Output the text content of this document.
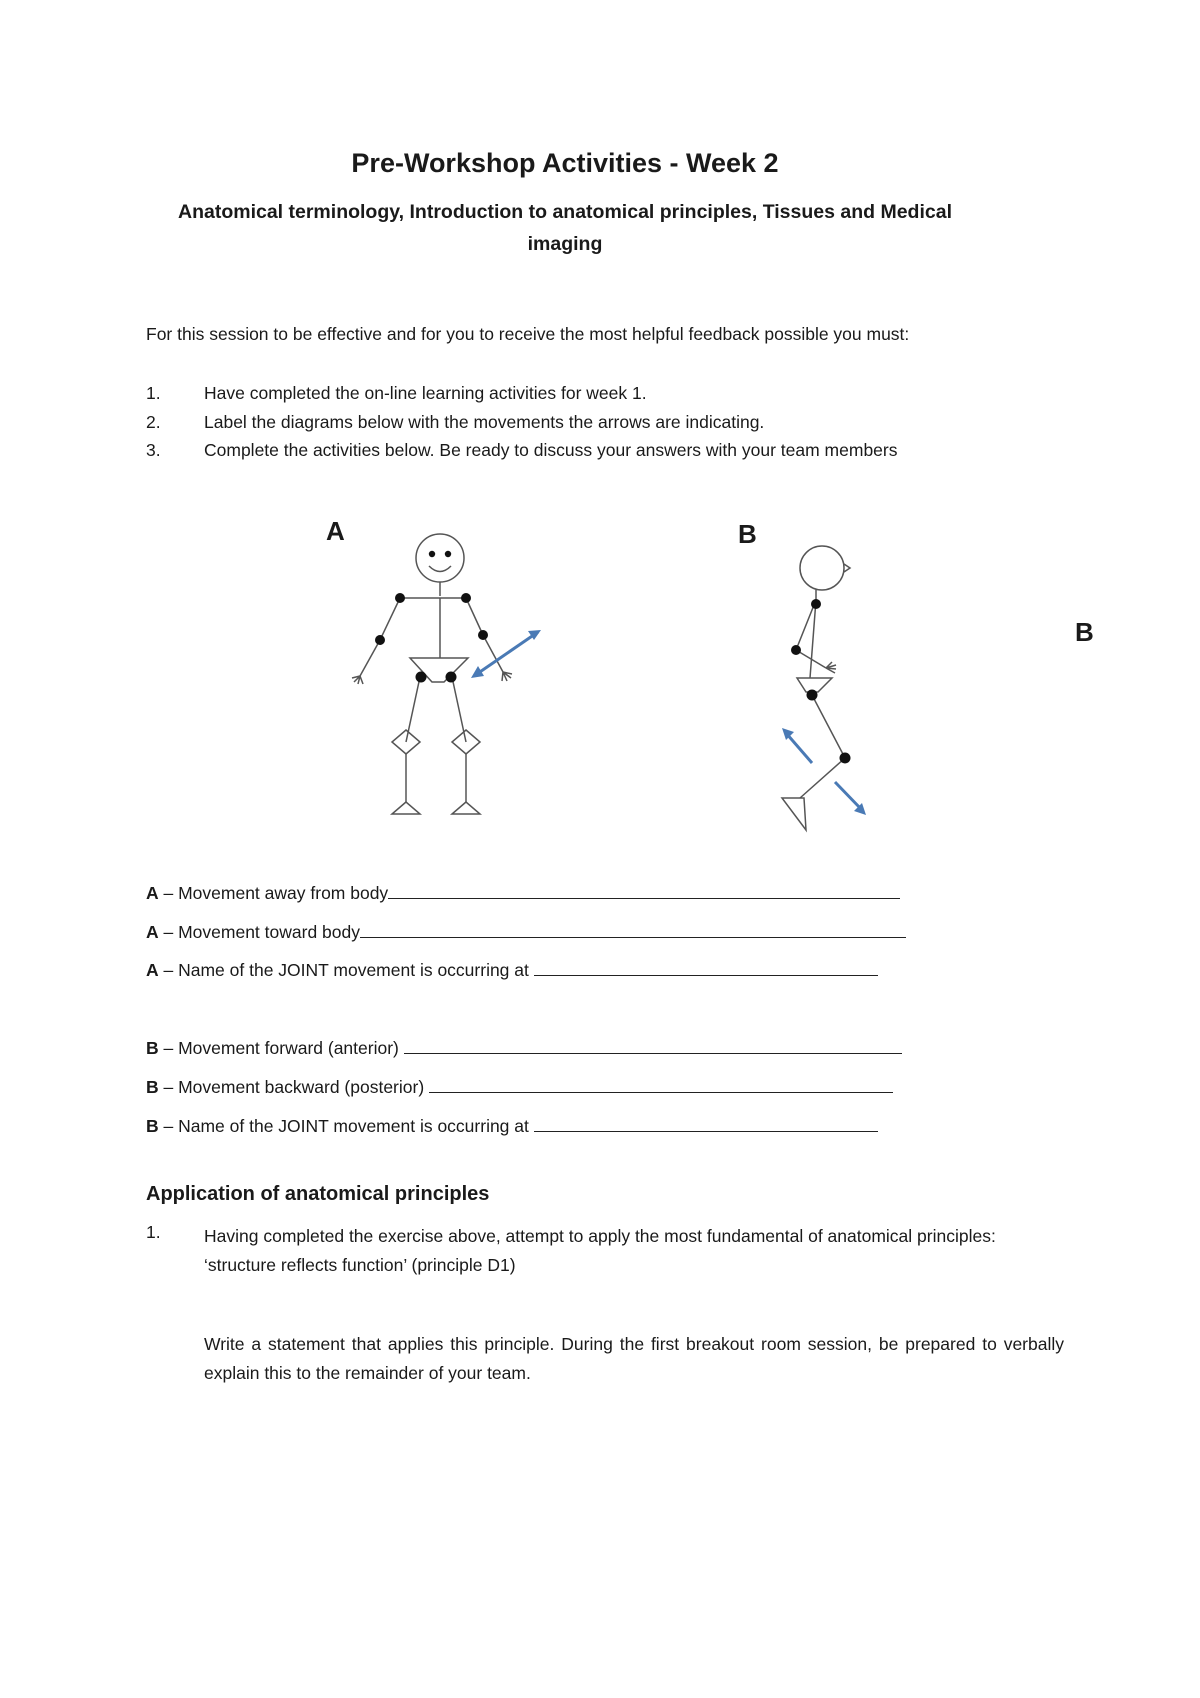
Pre-Workshop Activities - Week 2
Anatomical terminology, Introduction to anatomical principles, Tissues and Medical imaging
For this session to be effective and for you to receive the most helpful feedback possible you must:
1.	Have completed the on-line learning activities for week 1.
2.	Label the diagrams below with the movements the arrows are indicating.
3.	Complete the activities below. Be ready to discuss your answers with your team members
A	B
B
A – Movement away from body
A – Movement toward body
A – Name of the JOINT movement is occurring at
B – Movement forward (anterior)
B – Movement backward (posterior)
B – Name of the JOINT movement is occurring at
Application of anatomical principles
1. Having completed the exercise above, attempt to apply the most fundamental of anatomical principles: ‘structure reflects function’ (principle D1)
Write a statement that applies this principle. During the first breakout room session, be prepared to verbally explain this to the remainder of your team.
